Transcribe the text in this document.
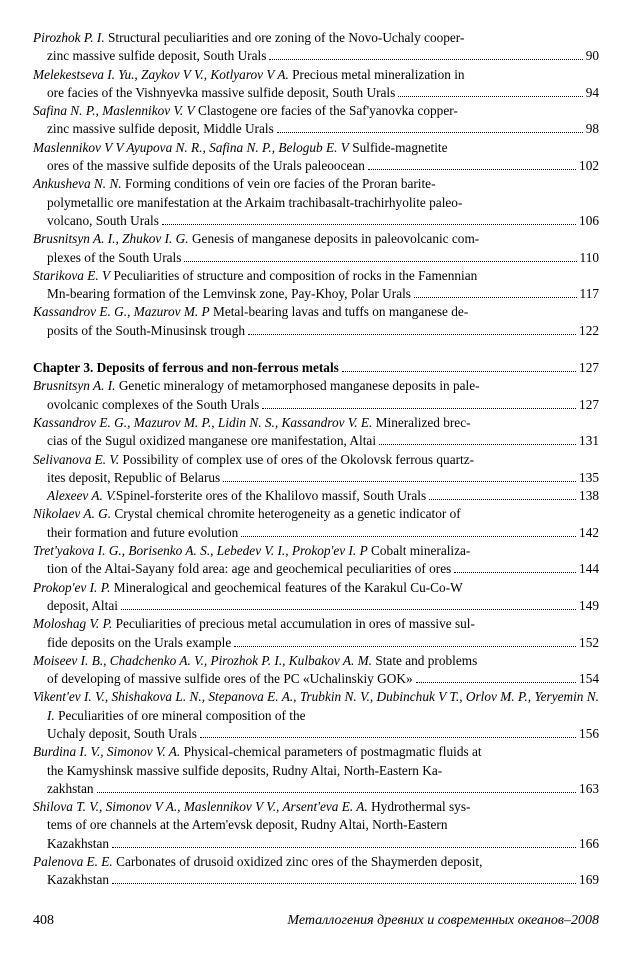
Pirozhok P. I. Structural peculiarities and ore zoning of the Novo-Uchaly cooper-
zinc massive sulfide deposit, South Urals	90
Melekestseva I. Yu., Zaykov V V., Kotlyarov V A. Precious metal mineralization in
ore facies of the Vishnyevka massive sulfide deposit, South Urals	94
Safina N. P., Maslennikov V. V Clastogene ore facies of the Saf'yanovka copper-
zinc massive sulfide deposit, Middle Urals	98
Maslennikov V V Ayupova N. R., Safina N. P., Belogub E. V Sulfide-magnetite
ores of the massive sulfide deposits of the Urals paleoocean	102
Ankusheva N. N. Forming conditions of vein ore facies of the Proran barite-
polymetallic ore manifestation at the Arkaim trachibasalt-trachirhyolite paleo-
volcano, South Urals	106
Brusnitsyn A. I., Zhukov I. G. Genesis of manganese deposits in paleovolcanic com-
plexes of the South Urals	110
Starikova E. V Peculiarities of structure and composition of rocks in the Famennian
Mn-bearing formation of the Lemvinsk zone, Pay-Khoy, Polar Urals	117
Kassandrov E. G., Mazurov M. P Metal-bearing lavas and tuffs on manganese de-
posits of the South-Minusinsk trough	122
Chapter 3. Deposits of ferrous and non-ferrous metals	127
Brusnitsyn A. I. Genetic mineralogy of metamorphosed manganese deposits in pale-
ovolcanic complexes of the South Urals	127
Kassandrov E. G., Mazurov M. P., Lidin N. S., Kassandrov V. E. Mineralized brec-
cias of the Sugul oxidized manganese ore manifestation, Altai	131
Selivanova E. V. Possibility of complex use of ores of the Okolovsk ferrous quartz-
ites deposit, Republic of Belarus	135
Alexeev A. V. Spinel-forsterite ores of the Khalilovo massif, South Urals	138
Nikolaev A. G. Crystal chemical chromite heterogeneity as a genetic indicator of
their formation and future evolution	142
Tret'yakova I. G., Borisenko A. S., Lebedev V. I., Prokop'ev I. P Cobalt mineraliza-
tion of the Altai-Sayany fold area: age and geochemical peculiarities of ores	144
Prokop'ev I. P. Mineralogical and geochemical features of the Karakul Cu-Co-W
deposit, Altai	149
Moloshag V. P. Peculiarities of precious metal accumulation in ores of massive sul-
fide deposits on the Urals example	152
Moiseev I. B., Chadchenko A. V., Pirozhok P. I., Kulbakov A. M. State and problems
of developing of massive sulfide ores of the PC «Uchalinskiy GOK»	154
Vikent'ev I. V., Shishakova L. N., Stepanova E. A., Trubkin N. V., Dubinchuk V T., Orlov M. P., Yeryemin N. I. Peculiarities of ore mineral composition of the
Uchaly deposit, South Urals	156
Burdina I. V., Simonov V. A. Physical-chemical parameters of postmagmatic fluids at
the Kamyshinsk massive sulfide deposits, Rudny Altai, North-Eastern Ka-
zakhstan	163
Shilova T. V., Simonov V A., Maslennikov V V., Arsent'eva E. A. Hydrothermal sys-
tems of ore channels at the Artem'evsk deposit, Rudny Altai, North-Eastern
Kazakhstan	166
Palenova E. E. Carbonates of drusoid oxidized zinc ores of the Shaymerden deposit,
Kazakhstan	169
408	Металлогения древних и современных океанов–2008
